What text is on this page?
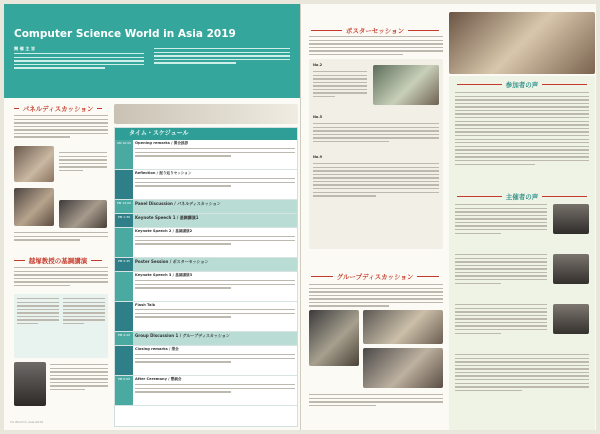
Computer Science World in Asia 2019
開 催 主 旨
パネルディスカッション
越塚教授の基調講演
タイム・スケジュール
AM 10:00	Opening remarks / 開会挨拶
Reflection / 振り返りセッション
PM 12:00	Panel Discussion / パネルディスカッション
PM 1:30	Keynote Speech 1 / 基調講演1
Keynote Speech 2 / 基調講演2
PM 2:45	Poster Session / ポスターセッション
Keynote Speech 3 / 基調講演3
Flash Talk
PM 4:20	Group Discussion 1 / グループディスカッション
Closing remarks / 閉会
PM 6:00	After Ceremony / 懇親会
CS World in Asia 2019
ポスターセッション
No.2
No.5
No.9
グループディスカッション
参加者の声
主催者の声
